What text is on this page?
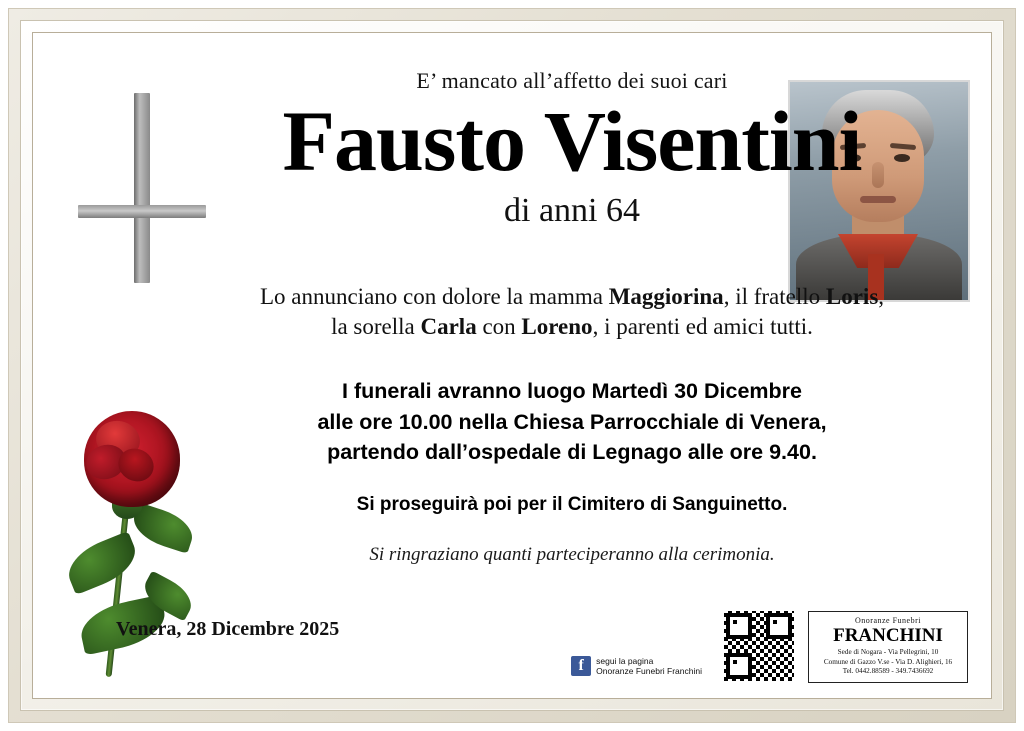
E’ mancato all’affetto dei suoi cari
Fausto Visentini
di anni 64
Lo annunciano con dolore la mamma Maggiorina, il fratello Loris,
la sorella Carla con Loreno, i parenti ed amici tutti.
I funerali avranno luogo Martedì 30 Dicembre
alle ore 10.00 nella Chiesa Parrocchiale di Venera,
partendo dall’ospedale di Legnago alle ore 9.40.
Si proseguirà poi per il Cimitero di Sanguinetto.
Si ringraziano quanti parteciperanno alla cerimonia.
Venera, 28 Dicembre 2025
f	segui la pagina
Onoranze Funebri Franchini
Onoranze Funebri
FRANCHINI
Sede di Nogara - Via Pellegrini, 10
Comune di Gazzo V.se - Via D. Alighieri, 16
Tel. 0442.88589 - 349.7436692
